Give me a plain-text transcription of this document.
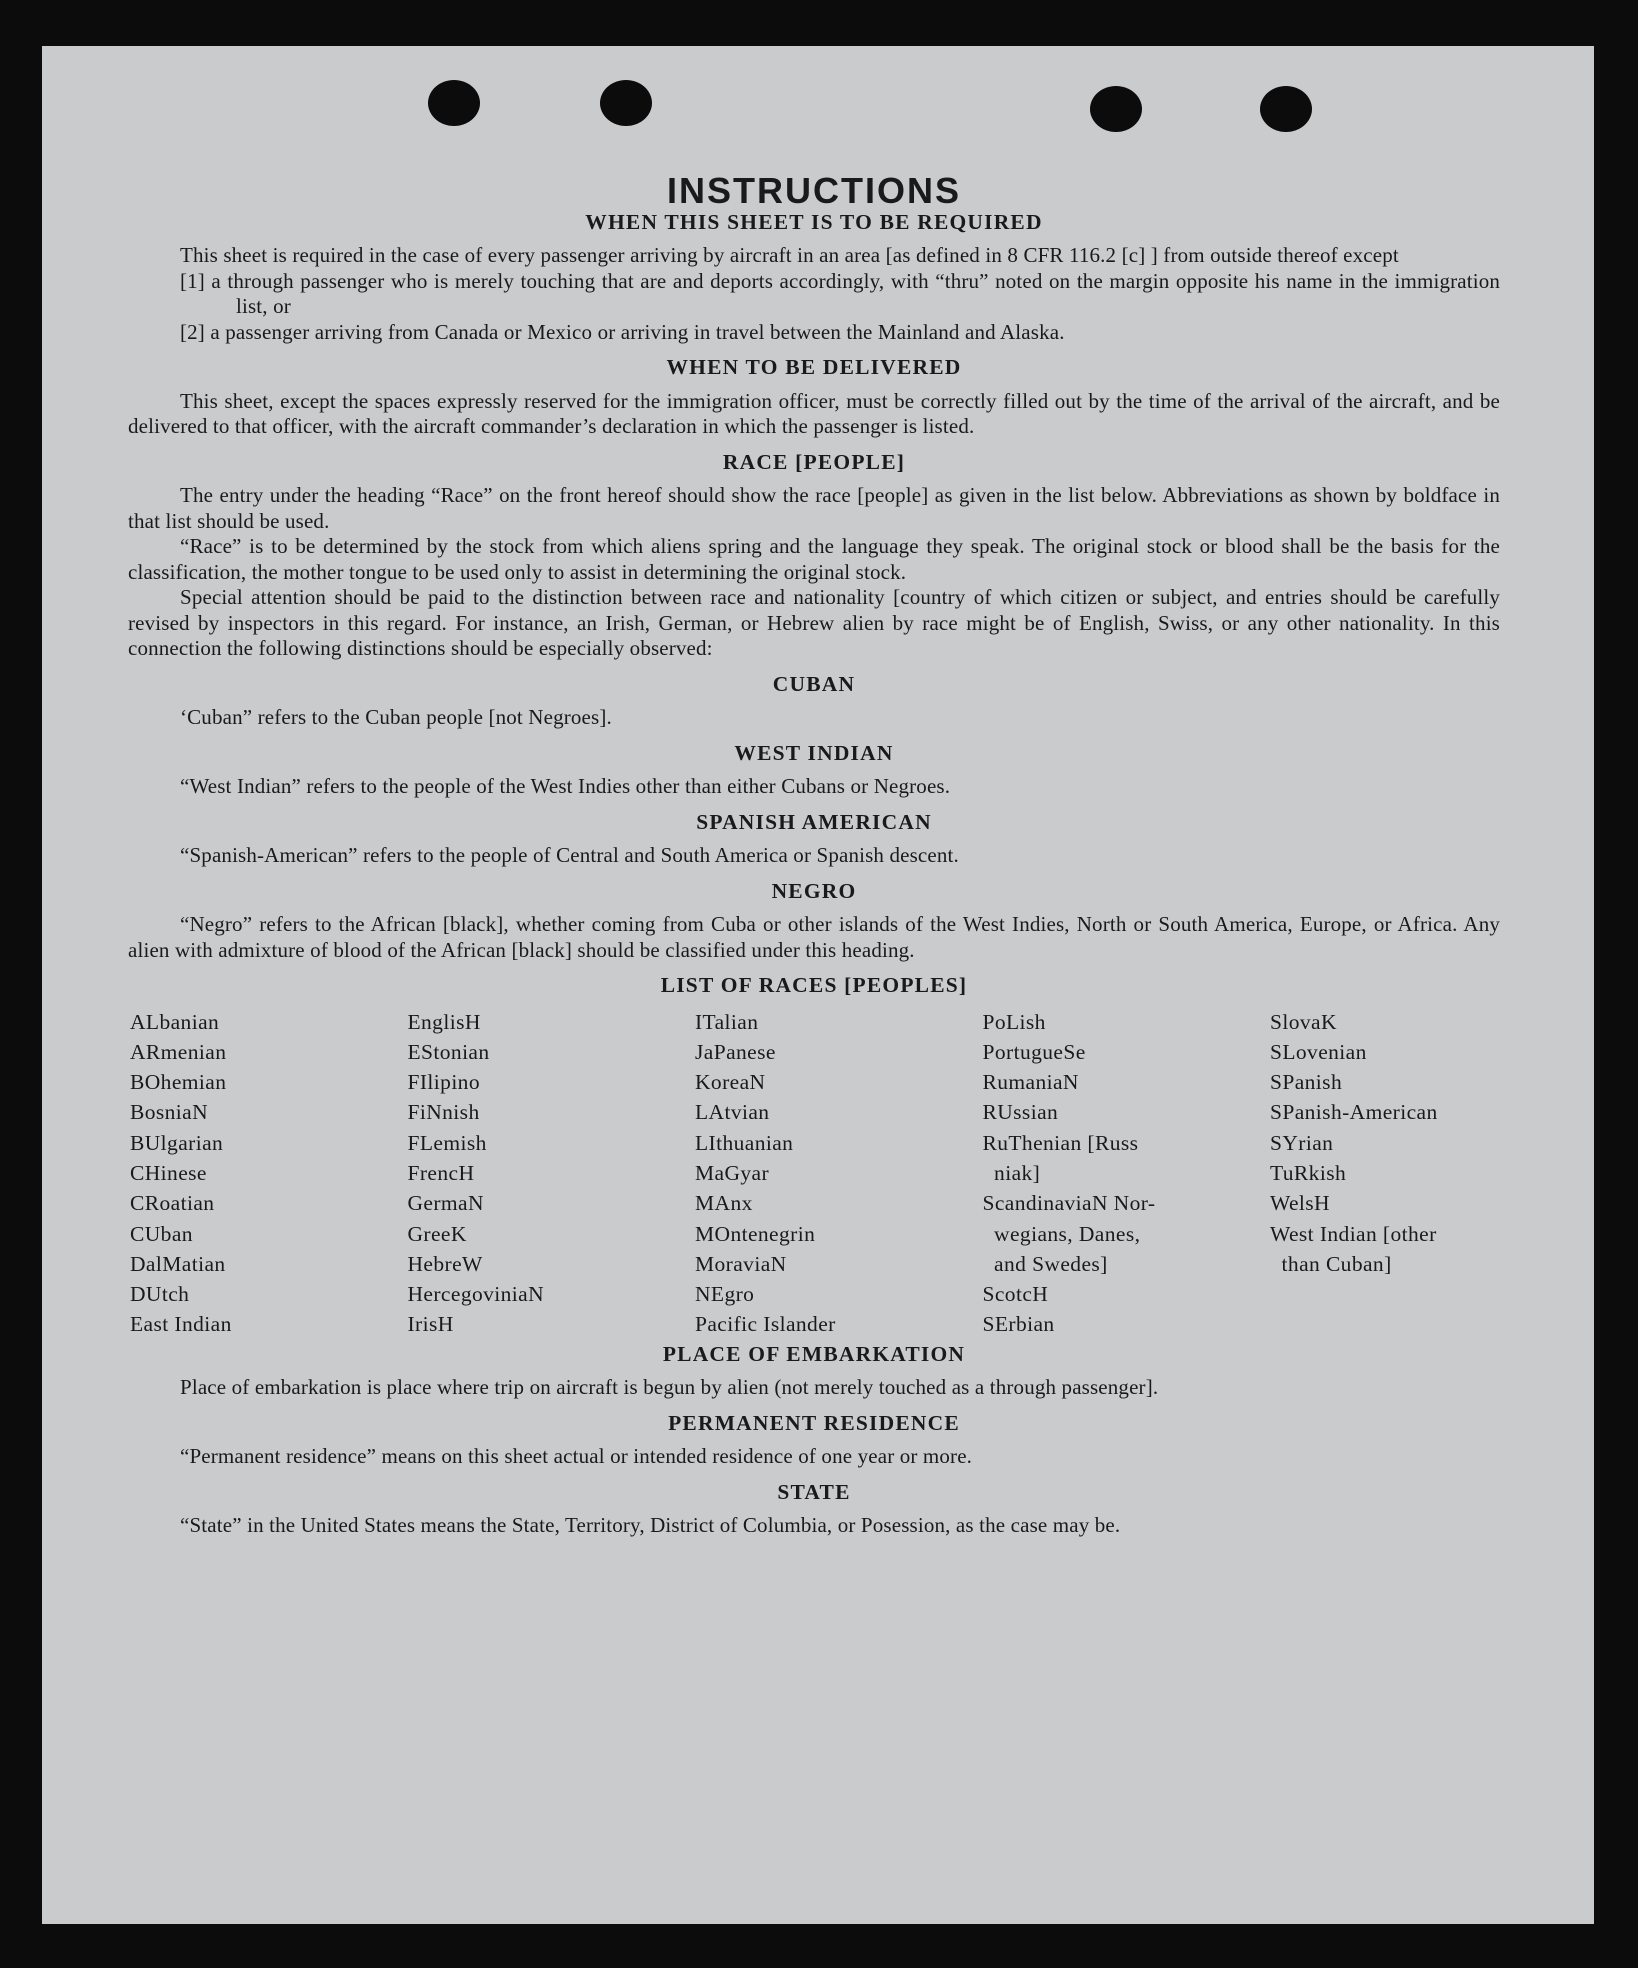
INSTRUCTIONS
WHEN THIS SHEET IS TO BE REQUIRED

This sheet is required in the case of every passenger arriving by aircraft in an area [as defined in 8 CFR 116.2 [c] ] from outside thereof except

[1] a through passenger who is merely touching that are and deports accordingly, with “thru” noted on the margin opposite his name in the immigration list, or

[2] a passenger arriving from Canada or Mexico or arriving in travel between the Mainland and Alaska.

WHEN TO BE DELIVERED

This sheet, except the spaces expressly reserved for the immigration officer, must be correctly filled out by the time of the arrival of the aircraft, and be delivered to that officer, with the aircraft commander’s declaration in which the passenger is listed.

RACE [PEOPLE]

The entry under the heading “Race” on the front hereof should show the race [people] as given in the list below. Abbreviations as shown by boldface in that list should be used.

“Race” is to be determined by the stock from which aliens spring and the language they speak. The original stock or blood shall be the basis for the classification, the mother tongue to be used only to assist in determining the original stock.

Special attention should be paid to the distinction between race and nationality [country of which citizen or subject, and entries should be carefully revised by inspectors in this regard. For instance, an Irish, German, or Hebrew alien by race might be of English, Swiss, or any other nationality. In this connection the following distinctions should be especially observed:

CUBAN

‘Cuban” refers to the Cuban people [not Negroes].

WEST INDIAN

“West Indian” refers to the people of the West Indies other than either Cubans or Negroes.

SPANISH AMERICAN

“Spanish-American” refers to the people of Central and South America or Spanish descent.

NEGRO

“Negro” refers to the African [black], whether coming from Cuba or other islands of the West Indies, North or South America, Europe, or Africa. Any alien with admixture of blood of the African [black] should be classified under this heading.

LIST OF RACES [PEOPLES]
ALbanian
ARmenian
BOhemian
BosniaN
BUlgarian
CHinese
CRoatian
CUban
DalMatian
DUtch
East Indian
EnglisH
EStonian
FIlipino
FiNnish
FLemish
FrencH
GermaN
GreeK
HebreW
HercegoviniaN
IrisH
ITalian
JaPanese
KoreaN
LAtvian
LIthuanian
MaGyar
MAnx
MOntenegrin
MoraviaN
NEgro
Pacific Islander
PoLish
PortugueSe
RumaniaN
RUssian
RuThenian [Russ
niak]
ScandinaviaN Nor-
wegians, Danes,
and Swedes]
ScotcH
SErbian
SlovaK
SLovenian
SPanish
SPanish-American
SYrian
TuRkish
WelsH
West Indian [other
than Cuban]
PLACE OF EMBARKATION

Place of embarkation is place where trip on aircraft is begun by alien (not merely touched as a through passenger].

PERMANENT RESIDENCE

“Permanent residence” means on this sheet actual or intended residence of one year or more.

STATE

“State” in the United States means the State, Territory, District of Columbia, or Posession, as the case may be.
